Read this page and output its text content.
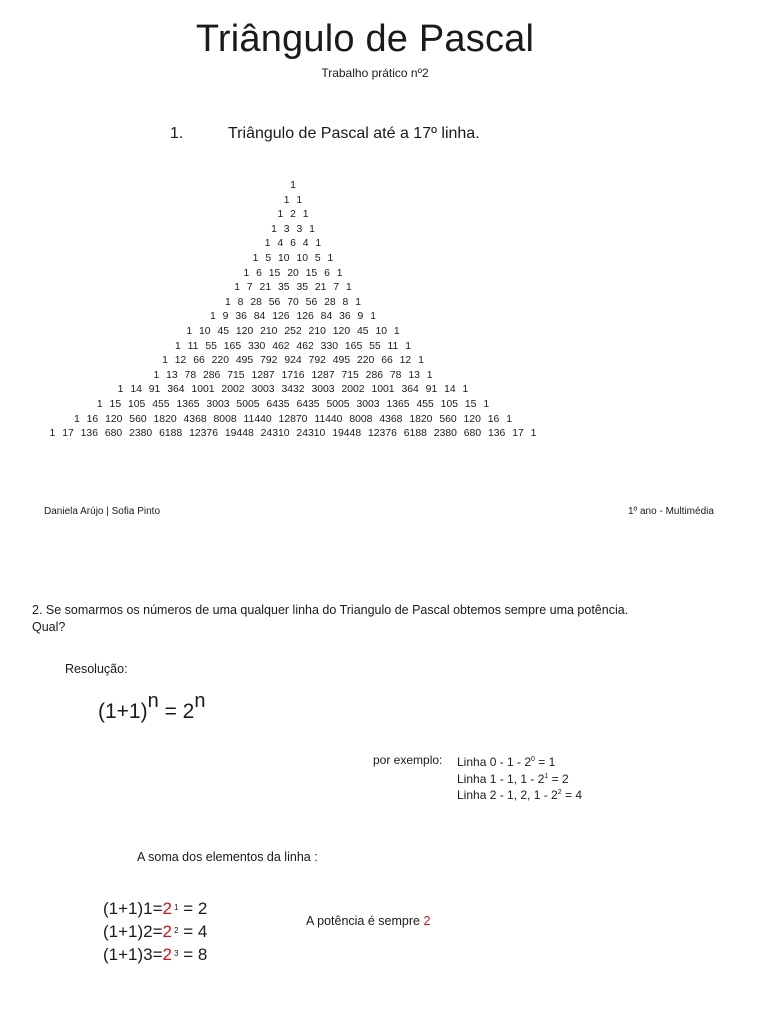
Triângulo de Pascal
Trabalho prático nº2
1.	Triângulo de Pascal até a 17º linha.
1
1 1
1 2 1
1 3 3 1
1 4 6 4 1
1 5 10 10 5 1
1 6 15 20 15 6 1
1 7 21 35 35 21 7 1
1 8 28 56 70 56 28 8 1
1 9 36 84 126 126 84 36 9 1
1 10 45 120 210 252 210 120 45 10 1
1 11 55 165 330 462 462 330 165 55 11 1
1 12 66 220 495 792 924 792 495 220 66 12 1
1 13 78 286 715 1287 1716 1287 715 286 78 13 1
1 14 91 364 1001 2002 3003 3432 3003 2002 1001 364 91 14 1
1 15 105 455 1365 3003 5005 6435 6435 5005 3003 1365 455 105 15 1
1 16 120 560 1820 4368 8008 11440 12870 11440 8008 4368 1820 560 120 16 1
1 17 136 680 2380 6188 12376 19448 24310 24310 19448 12376 6188 2380 680 136 17 1
Daniela Arújo | Sofia Pinto	1º ano - Multimédia
2. Se somarmos os números de uma qualquer linha do Triangulo de Pascal obtemos sempre uma potência.
Qual?
Resolução:
$(1+1)^n = 2^n$
por exemplo: Linha $0 - 1 - 2^0 = 1$
Linha 1 - 1, $1 - 2^1 = 2$
Linha 2 - 1, 2, $1 - 2^2 = 4$
A soma dos elementos da linha :
(1+1)1=2 $^1$ = 2
(1+1)2=2 $^2$ = 4
(1+1)3=2 $^3$ = 8
A potência é sempre 2
